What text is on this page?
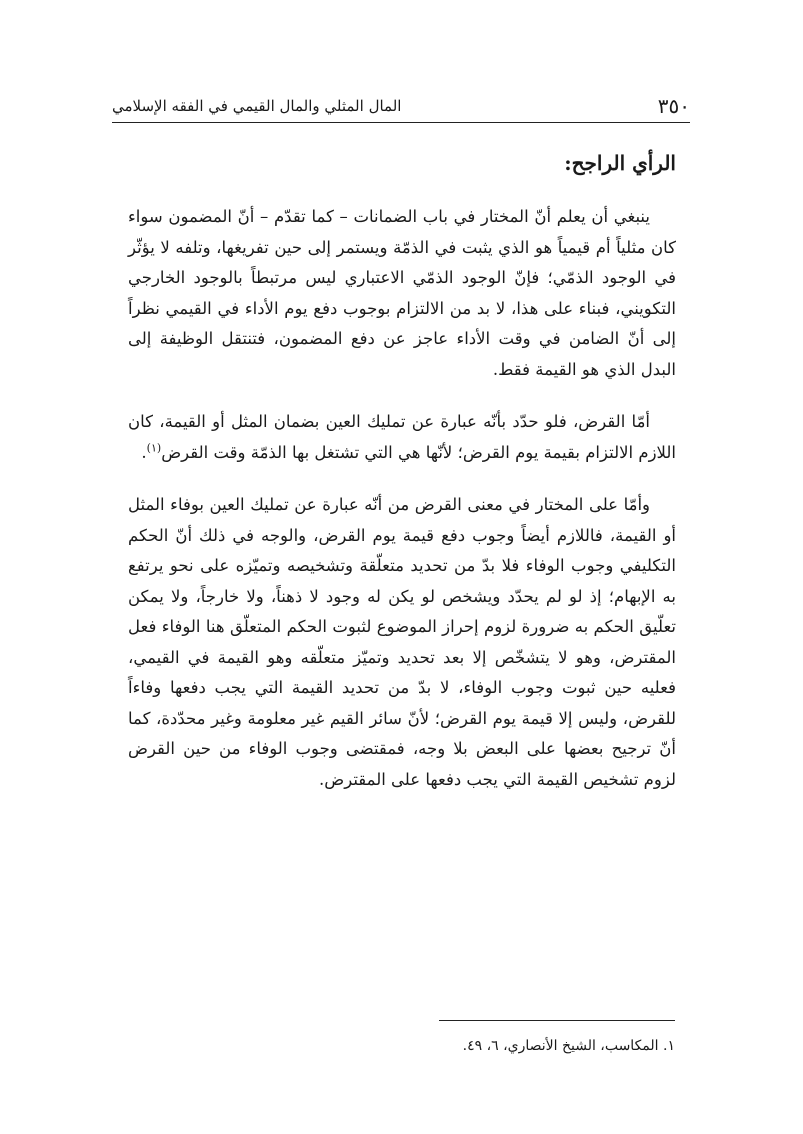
٣٥٠
المال المثلي والمال القيمي في الفقه الإسلامي
الرأي الراجح:

ينبغي أن يعلم أنّ المختار في باب الضمانات – كما تقدّم – أنّ المضمون سواء كان مثلياً أم قيمياً هو الذي يثبت في الذمّة ويستمر إلى حين تفريغها، وتلفه لا يؤثّر في الوجود الذمّي؛ فإنّ الوجود الذمّي الاعتباري ليس مرتبطاً بالوجود الخارجي التكويني، فبناء على هذا، لا بد من الالتزام بوجوب دفع يوم الأداء في القيمي نظراً إلى أنّ الضامن في وقت الأداء عاجز عن دفع المضمون، فتنتقل الوظيفة إلى البدل الذي هو القيمة فقط.

أمّا القرض، فلو حدّد بأنّه عبارة عن تمليك العين بضمان المثل أو القيمة، كان اللازم الالتزام بقيمة يوم القرض؛ لأنّها هي التي تشتغل بها الذمّة وقت القرض$^{(١)}$.

وأمّا على المختار في معنى القرض من أنّه عبارة عن تمليك العين بوفاء المثل أو القيمة، فاللازم أيضاً وجوب دفع قيمة يوم القرض، والوجه في ذلك أنّ الحكم التكليفي وجوب الوفاء فلا بدّ من تحديد متعلّقة وتشخيصه وتميّزه على نحو يرتفع به الإبهام؛ إذ لو لم يحدّد ويشخص لو يكن له وجود لا ذهناً، ولا خارجاً، ولا يمكن تعلّيق الحكم به ضرورة لزوم إحراز الموضوع لثبوت الحكم المتعلّق هنا الوفاء فعل المقترض، وهو لا يتشخّص إلا بعد تحديد وتميّز متعلّقه وهو القيمة في القيمي، فعليه حين ثبوت وجوب الوفاء، لا بدّ من تحديد القيمة التي يجب دفعها وفاءاً للقرض، وليس إلا قيمة يوم القرض؛ لأنّ سائر القيم غير معلومة وغير محدّدة، كما أنّ ترجيح بعضها على البعض بلا وجه، فمقتضى وجوب الوفاء من حين القرض لزوم تشخيص القيمة التي يجب دفعها على المقترض.

١. المكاسب، الشيخ الأنصاري، ٦، ٤٩.
